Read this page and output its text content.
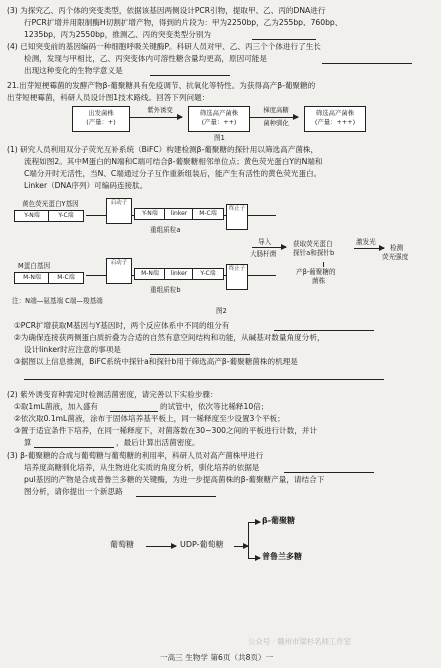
(3) 为探究乙、丙个体的突变类型，依据该基因两侧设计PCR引物，提取甲、乙、丙的DNA进行
行PCR扩增并用限制酶H切割扩增产物，得到的片段为：甲为2250bp，乙为255bp、760bp、
1235bp，丙为2550bp，推测乙、丙的突变类型分别为
(4) 已知突变前的基因编码一种细胞呼吸关键酶P。科研人员对甲、乙、丙三个个体进行了生长
检测，发现与甲相比，乙、丙突变体内可溶性糖含量均更高，原因可能是
出现这种变化的生物学意义是
21.出芽短梗霉菌的发酵产物β-葡聚糖具有免疫调节、抗氧化等特性。为获得高产β-葡聚糖的
出芽短梗霉菌，科研人员设计图1技术路线。回答下列问题：
出发菌株
(产量：+)
紫外诱变	筛选高产菌株
(产量：++)
梯度高糖
菌种驯化
筛选高产菌株
(产量：+++)
图1
(1) 研究人员利用双分子荧光互补系统（BiFC）构建检测β-葡聚糖的探针用以筛选高产菌株，
流程如图2。其中M蛋白的N端和C端可结合β-葡聚糖相邻单位点；黄色荧光蛋白Y的N端和
C端分开时无活性，当N、C端通过分子互作重新组装后，能产生有活性的黄色荧光蛋白。
Linker（DNA序列）可编码连接肽。
黄色荧光蛋白Y基因
Y-N端	Y-C端
M蛋白基因
M-N端	M-C端
启动子
Y-N端	linker	M-C端
终止子
重组质粒a
启动子
M-N端	linker	Y-C端
终止子
重组质粒b
导入
大肠杆菌
获取荧光蛋白
探针a和探针b
产β-葡聚糖的
菌株
激发光
检测
荧光强度
注：N端—氨基端 C端—羧基端
图2
①PCR扩增获取M基因与Y基因时，两个反应体系中不同的组分有
②为确保连接获两侧蛋白质折叠为合适的自然有意空间结构和功能，从碱基对数量角度分析，
设计linker时应注意的事项是
③据图以上信息推测，BiFC系统中探针a和探针b用于筛选高产β-葡聚糖菌株的机理是
(2) 紫外诱变育种需定时检测活菌密度，请完善以下实验步骤：
①取1mL菌液，加入盛有	的试管中，依次等比稀释10倍；
②依次取0.1mL菌液，涂布于固体培养基平板上，同一稀释度至少设置3个平板；
③置于适宜条件下培养，在同一稀释度下，对菌落数在30~300之间的平板进行计数，并计
算	，最后计算出活菌密度。
(3) β-葡聚糖的合成与葡萄糖与葡萄糖的利用率，科研人员对高产菌株甲进行
培养度高糖驯化培养，从生物进化实质的角度分析，驯化培养的依据是
pul基因的产物是合成普鲁兰多糖的关键酶，为进一步提高菌株的β-葡聚糖产量，请结合下
图分析，请你提出一个新思路
葡萄糖	UDP-葡萄糖
β-葡聚糖
普鲁兰多糖
公众号 · 赣州市梁杉名师工作室
一高三 生物学 第6页（共8页）一
